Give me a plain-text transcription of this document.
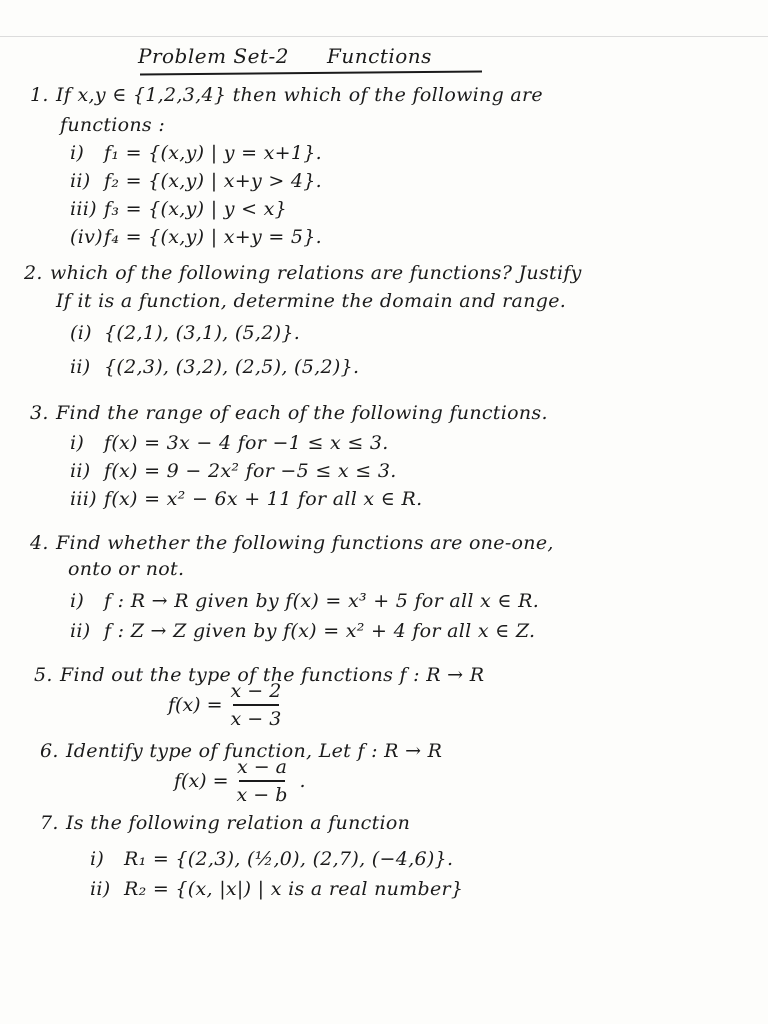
Problem Set-2 Functions
1. If x,y ∈ {1,2,3,4} then which of the following are
functions :
i) f₁ = {(x,y) | y = x+1}.
ii) f₂ = {(x,y) | x+y > 4}.
iii) f₃ = {(x,y) | y < x}
(iv)f₄ = {(x,y) | x+y = 5}.
2. which of the following relations are functions? Justify
If it is a function, determine the domain and range.
(i) {(2,1), (3,1), (5,2)}.
ii) {(2,3), (3,2), (2,5), (5,2)}.
3. Find the range of each of the following functions.
i) f(x) = 3x − 4 for −1 ≤ x ≤ 3.
ii) f(x) = 9 − 2x² for −5 ≤ x ≤ 3.
iii) f(x) = x² − 6x + 11 for all x ∈ R.
4. Find whether the following functions are one-one,
onto or not.
i) f : R → R given by f(x) = x³ + 5 for all x ∈ R.
ii) f : Z → Z given by f(x) = x² + 4 for all x ∈ Z.
5. Find out the type of the functions f : R → R
f(x) =
x − 2
x − 3
6. Identify type of function, Let f : R → R
f(x) =
x − a
x − b
.
7. Is the following relation a function
i) R₁ = {(2,3), (½,0), (2,7), (−4,6)}.
ii) R₂ = {(x, |x|) | x is a real number}
